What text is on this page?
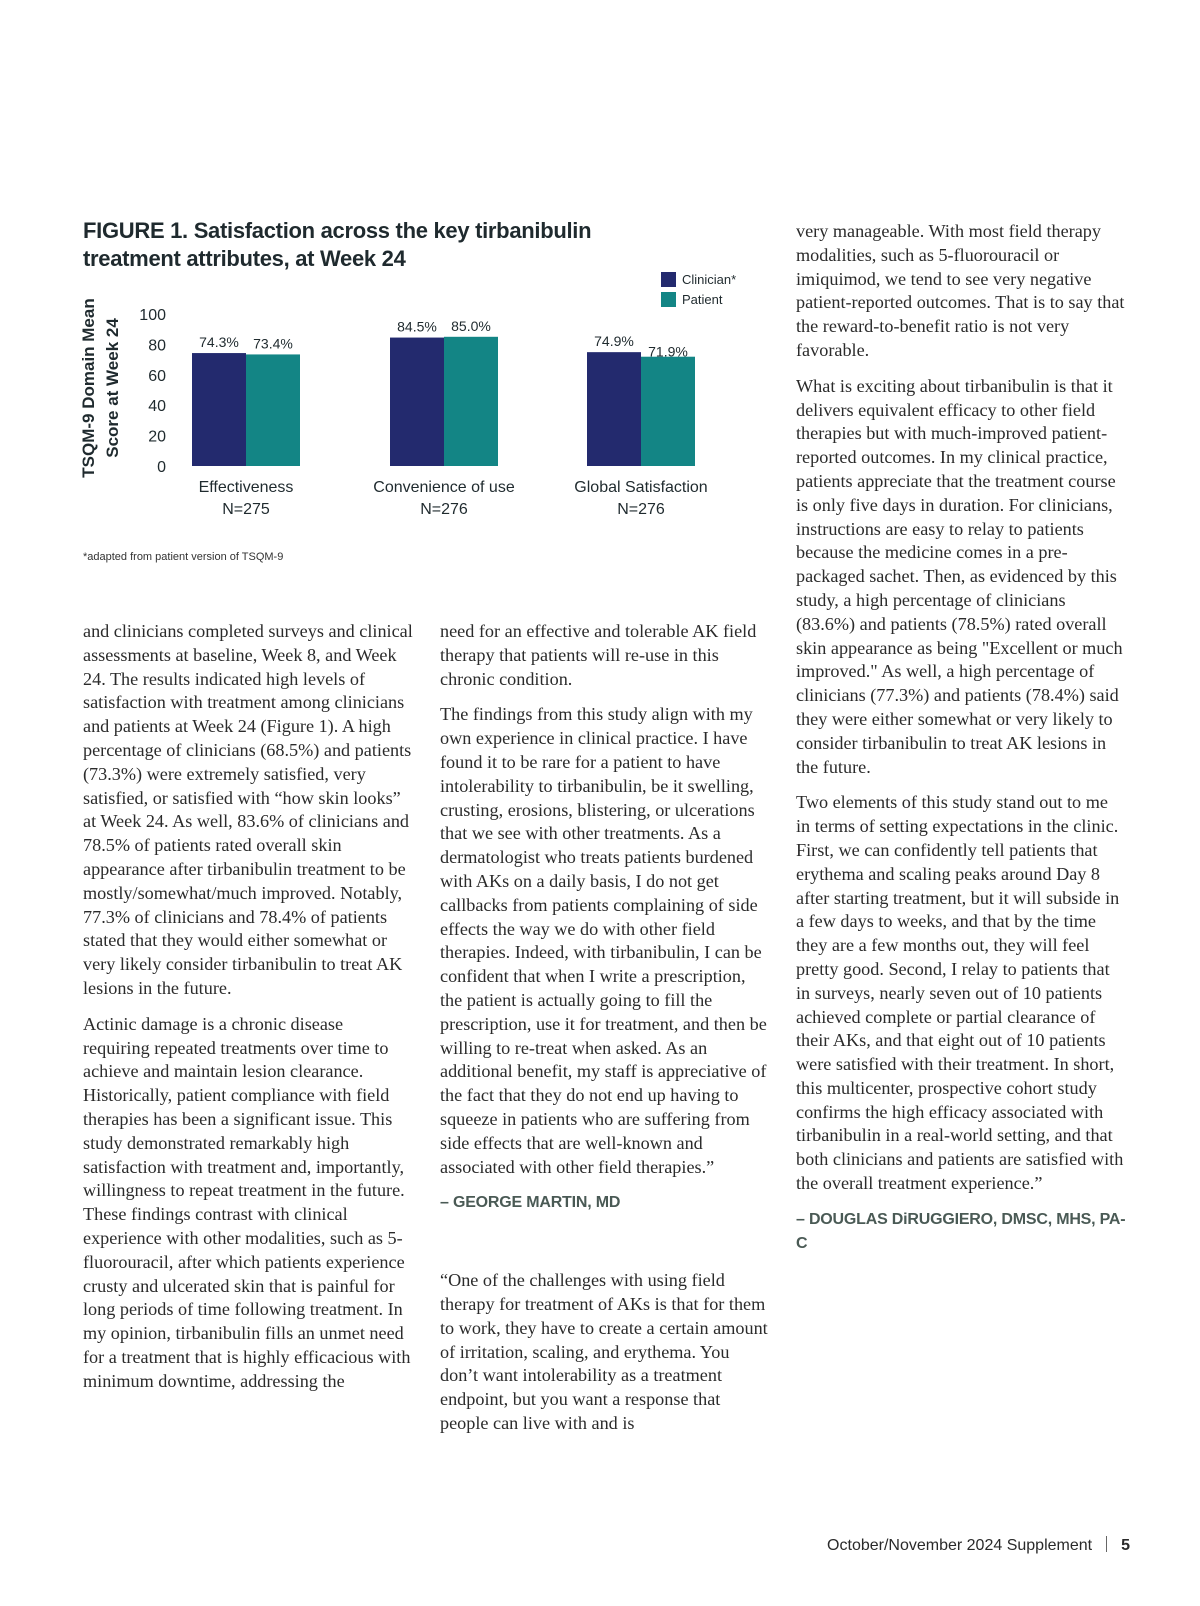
FIGURE 1. Satisfaction across the key tirbanibulin treatment attributes, at Week 24
TSQM-9 Domain Mean Score at Week 24
0
20
40
60
80
100
74.3% 73.4%
84.5% 85.0%
74.9%
71.9%
Effectiveness
N=275
Convenience of use
N=276
Global Satisfaction
N=276
Clinician*
Patient
*adapted from patient version of TSQM-9

and clinicians completed surveys and clinical assessments at baseline, Week 8, and Week 24. The results indicated high levels of satisfaction with treatment among clinicians and patients at Week 24 (Figure 1). A high percentage of clinicians (68.5%) and patients (73.3%) were extremely satisfied, very satisfied, or satisfied with “how skin looks” at Week 24. As well, 83.6% of clinicians and 78.5% of patients rated overall skin appearance after tirbanibulin treatment to be mostly/somewhat/much improved. Notably, 77.3% of clinicians and 78.4% of patients stated that they would either somewhat or very likely consider tirbanibulin to treat AK lesions in the future.

Actinic damage is a chronic disease requiring repeated treatments over time to achieve and maintain lesion clearance. Historically, patient compliance with field therapies has been a significant issue. This study demonstrated remarkably high satisfaction with treatment and, importantly, willingness to repeat treatment in the future. These findings contrast with clinical experience with other modalities, such as 5-fluorouracil, after which patients experience crusty and ulcerated skin that is painful for long periods of time following treatment. In my opinion, tirbanibulin fills an unmet need for a treatment that is highly efficacious with minimum downtime, addressing the

need for an effective and tolerable AK field therapy that patients will re-use in this chronic condition.

The findings from this study align with my own experience in clinical practice. I have found it to be rare for a patient to have intolerability to tirbanibulin, be it swelling, crusting, erosions, blistering, or ulcerations that we see with other treatments. As a dermatologist who treats patients burdened with AKs on a daily basis, I do not get callbacks from patients complaining of side effects the way we do with other field therapies. Indeed, with tirbanibulin, I can be confident that when I write a prescription, the patient is actually going to fill the prescription, use it for treatment, and then be willing to re-treat when asked. As an additional benefit, my staff is appreciative of the fact that they do not end up having to squeeze in patients who are suffering from side effects that are well-known and associated with other field therapies.”

– GEORGE MARTIN, MD

“One of the challenges with using field therapy for treatment of AKs is that for them to work, they have to create a certain amount of irritation, scaling, and erythema. You don’t want intolerability as a treatment endpoint, but you want a response that people can live with and is

very manageable. With most field therapy modalities, such as 5-fluorouracil or imiquimod, we tend to see very negative patient-reported outcomes. That is to say that the reward-to-benefit ratio is not very favorable.

What is exciting about tirbanibulin is that it delivers equivalent efficacy to other field therapies but with much-improved patient-reported outcomes. In my clinical practice, patients appreciate that the treatment course is only five days in duration. For clinicians, instructions are easy to relay to patients because the medicine comes in a pre-packaged sachet. Then, as evidenced by this study, a high percentage of clinicians (83.6%) and patients (78.5%) rated overall skin appearance as being "Excellent or much improved." As well, a high percentage of clinicians (77.3%) and patients (78.4%) said they were either somewhat or very likely to consider tirbanibulin to treat AK lesions in the future.

Two elements of this study stand out to me in terms of setting expectations in the clinic. First, we can confidently tell patients that erythema and scaling peaks around Day 8 after starting treatment, but it will subside in a few days to weeks, and that by the time they are a few months out, they will feel pretty good. Second, I relay to patients that in surveys, nearly seven out of 10 patients achieved complete or partial clearance of their AKs, and that eight out of 10 patients were satisfied with their treatment. In short, this multicenter, prospective cohort study confirms the high efficacy associated with tirbanibulin in a real-world setting, and that both clinicians and patients are satisfied with the overall treatment experience.”

– DOUGLAS DiRUGGIERO, DMSC, MHS, PA-C
October/November 2024 Supplement 5
